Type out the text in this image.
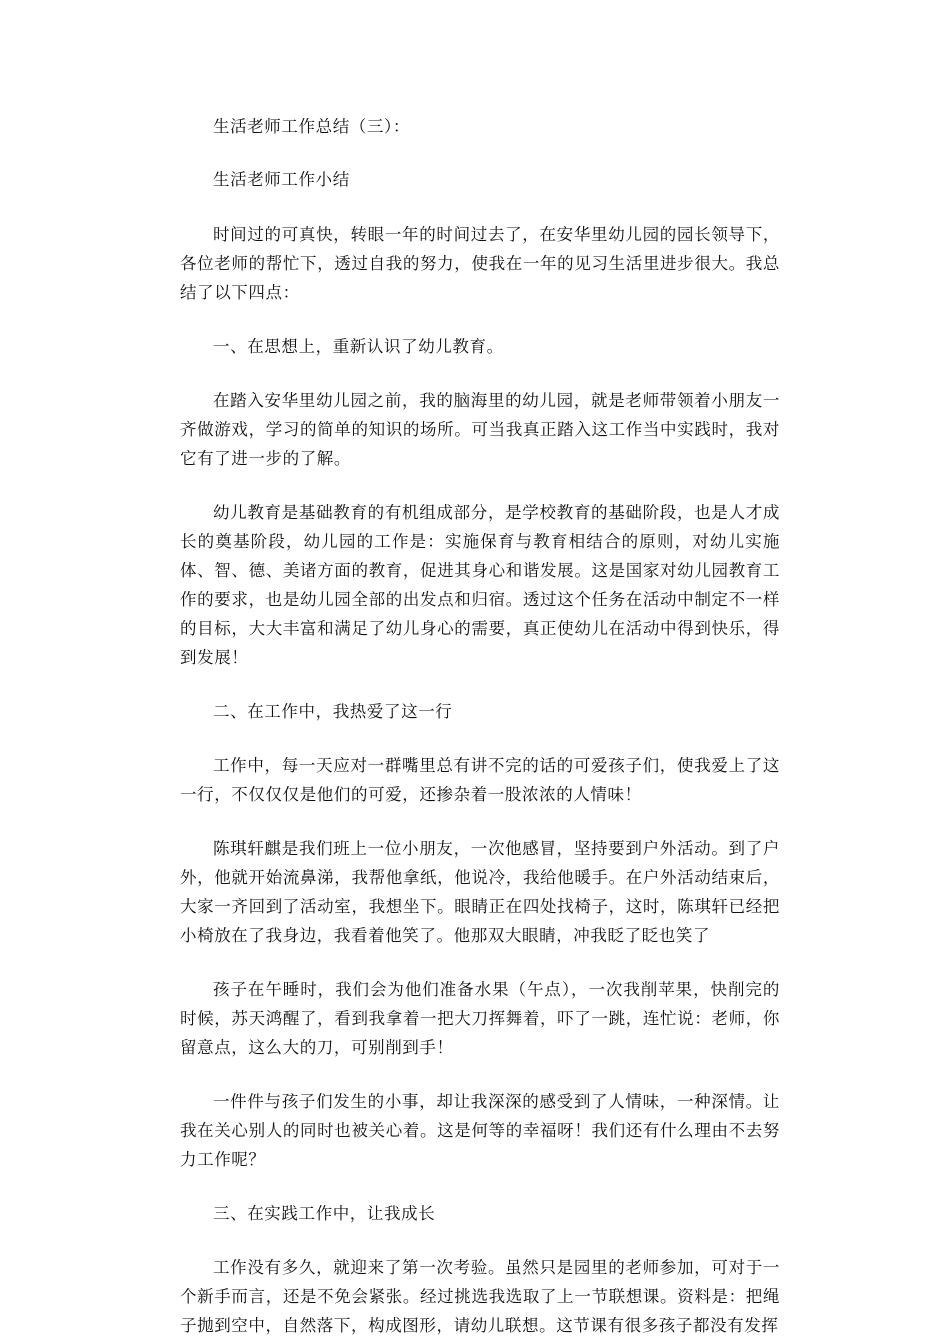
生活老师工作总结（三）：

生活老师工作小结

时间过的可真快，转眼一年的时间过去了，在安华里幼儿园的园长领导下，各位老师的帮忙下，透过自我的努力，使我在一年的见习生活里进步很大。我总结了以下四点：

一、在思想上，重新认识了幼儿教育。

在踏入安华里幼儿园之前，我的脑海里的幼儿园，就是老师带领着小朋友一齐做游戏，学习的简单的知识的场所。可当我真正踏入这工作当中实践时，我对它有了进一步的了解。

幼儿教育是基础教育的有机组成部分，是学校教育的基础阶段，也是人才成长的奠基阶段，幼儿园的工作是：实施保育与教育相结合的原则，对幼儿实施体、智、德、美诸方面的教育，促进其身心和谐发展。这是国家对幼儿园教育工作的要求，也是幼儿园全部的出发点和归宿。透过这个任务在活动中制定不一样的目标，大大丰富和满足了幼儿身心的需要，真正使幼儿在活动中得到快乐，得到发展！

二、在工作中，我热爱了这一行

工作中，每一天应对一群嘴里总有讲不完的话的可爱孩子们，使我爱上了这一行，不仅仅仅是他们的可爱，还掺杂着一股浓浓的人情味！

陈琪轩麒是我们班上一位小朋友，一次他感冒，坚持要到户外活动。到了户外，他就开始流鼻涕，我帮他拿纸，他说冷，我给他暖手。在户外活动结束后，大家一齐回到了活动室，我想坐下。眼睛正在四处找椅子，这时，陈琪轩已经把小椅放在了我身边，我看着他笑了。他那双大眼睛，冲我眨了眨也笑了

孩子在午睡时，我们会为他们准备水果（午点），一次我削苹果，快削完的时候，苏天鸿醒了，看到我拿着一把大刀挥舞着，吓了一跳，连忙说：老师，你留意点，这么大的刀，可别削到手！

一件件与孩子们发生的小事，却让我深深的感受到了人情味，一种深情。让我在关心别人的同时也被关心着。这是何等的幸福呀！我们还有什么理由不去努力工作呢？

三、在实践工作中，让我成长

工作没有多久，就迎来了第一次考验。虽然只是园里的老师参加，可对于一个新手而言，还是不免会紧张。经过挑选我选取了上一节联想课。资料是：把绳子抛到空中，自然落下，构成图形，请幼儿联想。这节课有很多孩子都没有发挥
